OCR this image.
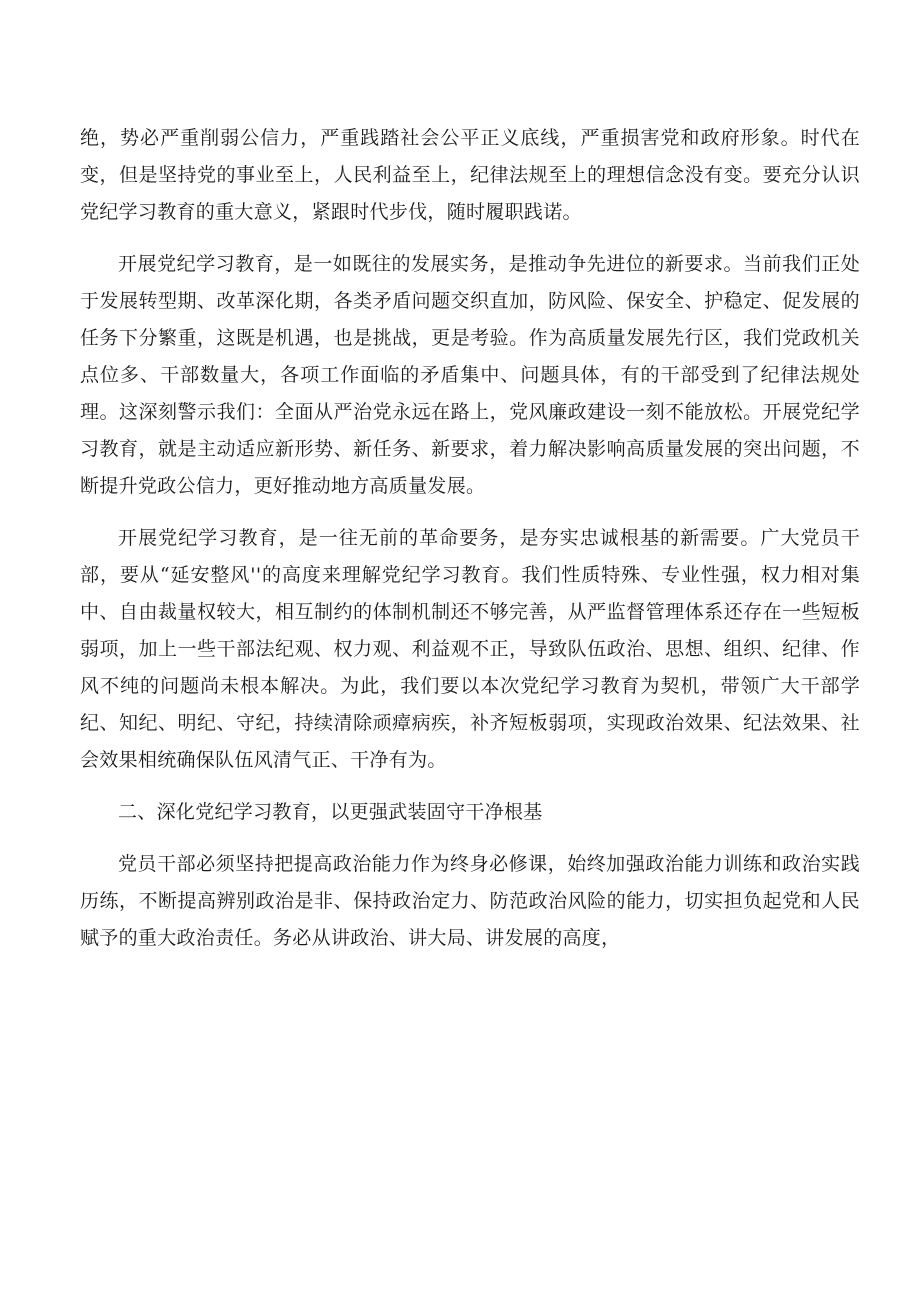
绝，势必严重削弱公信力，严重践踏社会公平正义底线，严重损害党和政府形象。时代在变，但是坚持党的事业至上，人民利益至上，纪律法规至上的理想信念没有变。要充分认识党纪学习教育的重大意义，紧跟时代步伐，随时履职践诺。

开展党纪学习教育，是一如既往的发展实务，是推动争先进位的新要求。当前我们正处于发展转型期、改革深化期，各类矛盾问题交织直加，防风险、保安全、护稳定、促发展的任务下分繁重，这既是机遇，也是挑战，更是考验。作为高质量发展先行区，我们党政机关点位多、干部数量大，各项工作面临的矛盾集中、问题具体，有的干部受到了纪律法规处理。这深刻警示我们：全面从严治党永远在路上，党风廉政建设一刻不能放松。开展党纪学习教育，就是主动适应新形势、新任务、新要求，着力解决影响高质量发展的突出问题，不断提升党政公信力，更好推动地方高质量发展。

开展党纪学习教育，是一往无前的革命要务，是夯实忠诚根基的新需要。广大党员干部，要从“延安整风''的高度来理解党纪学习教育。我们性质特殊、专业性强，权力相对集中、自由裁量权较大，相互制约的体制机制还不够完善，从严监督管理体系还存在一些短板弱项，加上一些干部法纪观、权力观、利益观不正，导致队伍政治、思想、组织、纪律、作风不纯的问题尚未根本解决。为此，我们要以本次党纪学习教育为契机，带领广大干部学纪、知纪、明纪、守纪，持续清除顽瘴病疾，补齐短板弱项，实现政治效果、纪法效果、社会效果相统确保队伍风清气正、干净有为。

二、深化党纪学习教育，以更强武装固守干净根基

党员干部必须坚持把提高政治能力作为终身必修课，始终加强政治能力训练和政治实践历练，不断提高辨别政治是非、保持政治定力、防范政治风险的能力，切实担负起党和人民赋予的重大政治责任。务必从讲政治、讲大局、讲发展的高度，
